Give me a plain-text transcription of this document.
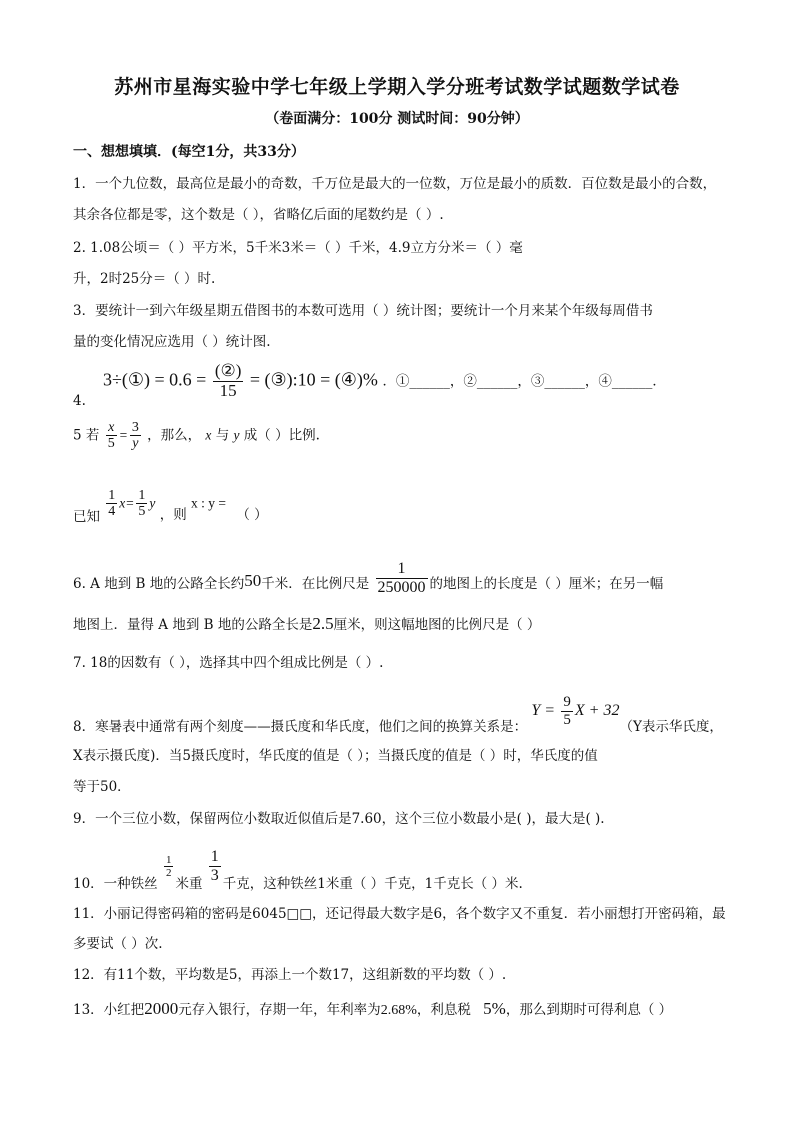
苏州市星海实验中学七年级上学期入学分班考试数学试题数学试卷
（卷面满分：100分 测试时间：90分钟）
一、想想填填．(每空1分，共33分）
1．一个九位数，最高位是最小的奇数，千万位是最大的一位数，万位是最小的质数．百位数是最小的合数，
其余各位都是零，这个数是（ ），省略亿后面的尾数约是（ ）.
2. 1.08公顷＝（ ）平方米，5千米3米＝（ ）千米，4.9立方分米＝（ ）毫
升，2时25分＝（ ）时.
3．要统计一到六年级星期五借图书的本数可选用（ ）统计图；要统计一个月来某个年级每周借书
量的变化情况应选用（ ）统计图.
4.
3÷(①) = $0.6 = \frac{\text{(②)}}{15}$ = (③):10 = (④)% ．①______，②______，③______，④______．
5 若 $\frac{x}{5} = \frac{3}{y}$ ，那么， x 与 y 成（ ）比例.
已知 $\frac{1}{4} x= \frac{1}{5}$ y ，则 x : y = （ ）
6. A 地到 B 地的公路全长约50千米．在比例尺是 $\frac{1}{250000}$ 的地图上的长度是（ ）厘米；在另一幅
地图上．量得 A 地到 B 地的公路全长是2.5厘米，则这幅地图的比例尺是（ ）
7. 18的因数有（ ），选择其中四个组成比例是（ ）.
8．寒暑表中通常有两个刻度——摄氏度和华氏度，他们之间的换算关系是： $Y = \frac{9}{5}$ X + 32（Y表示华氏度，
X表示摄氏度)．当5摄氏度时，华氏度的值是（ ）；当摄氏度的值是（ ）时，华氏度的值
等于50．
9．一个三位小数，保留两位小数取近似值后是7.60，这个三位小数最小是( )，最大是( ).
10．一种铁丝
$\frac{1}{2}$
米重 $\frac{1}{3}$ 千克，这种铁丝1米重（ ）千克，1千克长（ ）米.
11．小丽记得密码箱的密码是6045□□，还记得最大数字是6，各个数字又不重复．若小丽想打开密码箱，最
多要试（ ）次.
12．有11个数，平均数是5，再添上一个数17，这组新数的平均数（ ）.
13．小红把2000元存入银行，存期一年，年利率为2.68%，利息税 5%，那么到期时可得利息（ ）
